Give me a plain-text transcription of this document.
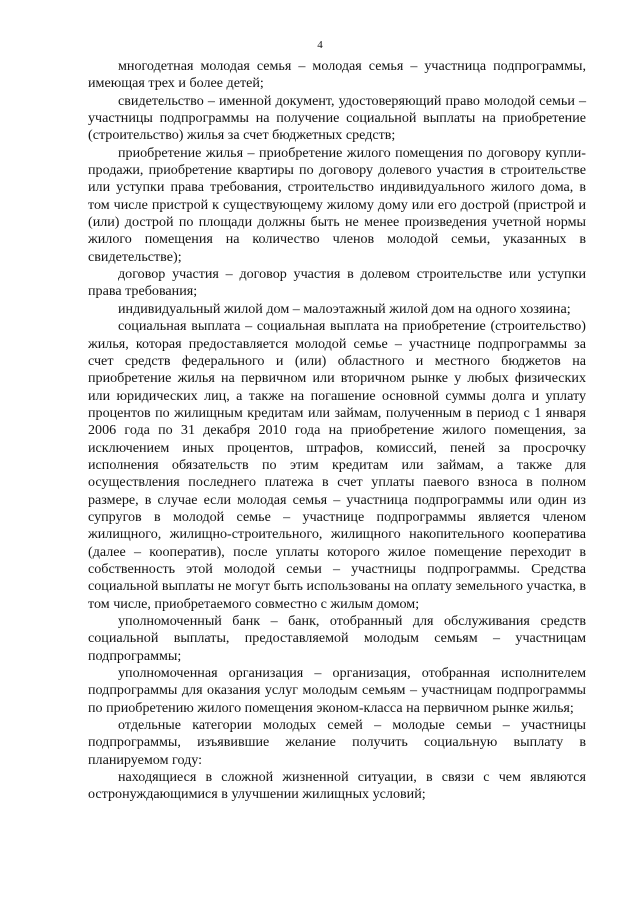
4

многодетная молодая семья – молодая семья – участница подпрограммы, имеющая трех и более детей;

свидетельство – именной документ, удостоверяющий право молодой семьи – участницы подпрограммы на получение социальной выплаты на приобретение (строительство) жилья за счет бюджетных средств;

приобретение жилья – приобретение жилого помещения по договору купли-продажи, приобретение квартиры по договору долевого участия в строительстве или уступки права требования, строительство индивидуального жилого дома, в том числе пристрой к существующему жилому дому или его дострой (пристрой и (или) дострой по площади должны быть не менее произведения учетной нормы жилого помещения на количество членов молодой семьи, указанных в свидетельстве);

договор участия – договор участия в долевом строительстве или уступки права требования;

индивидуальный жилой дом – малоэтажный жилой дом на одного хозяина;

социальная выплата – социальная выплата на приобретение (строительство) жилья, которая предоставляется молодой семье – участнице подпрограммы за счет средств федерального и (или) областного и местного бюджетов на приобретение жилья на первичном или вторичном рынке у любых физических или юридических лиц, а также на погашение основной суммы долга и уплату процентов по жилищным кредитам или займам, полученным в период с 1 января 2006 года по 31 декабря 2010 года на приобретение жилого помещения, за исключением иных процентов, штрафов, комиссий, пеней за просрочку исполнения обязательств по этим кредитам или займам, а также для осуществления последнего платежа в счет уплаты паевого взноса в полном размере, в случае если молодая семья – участница подпрограммы или один из супругов в молодой семье – участнице подпрограммы является членом жилищного, жилищно-строительного, жилищного накопительного кооператива (далее – кооператив), после уплаты которого жилое помещение переходит в собственность этой молодой семьи – участницы подпрограммы. Средства социальной выплаты не могут быть использованы на оплату земельного участка, в том числе, приобретаемого совместно с жилым домом;

уполномоченный банк – банк, отобранный для обслуживания средств социальной выплаты, предоставляемой молодым семьям – участницам подпрограммы;

уполномоченная организация – организация, отобранная исполнителем подпрограммы для оказания услуг молодым семьям – участницам подпрограммы по приобретению жилого помещения эконом-класса на первичном рынке жилья;

отдельные категории молодых семей – молодые семьи – участницы подпрограммы, изъявившие желание получить социальную выплату в планируемом году:

находящиеся в сложной жизненной ситуации, в связи с чем являются остронуждающимися в улучшении жилищных условий;
